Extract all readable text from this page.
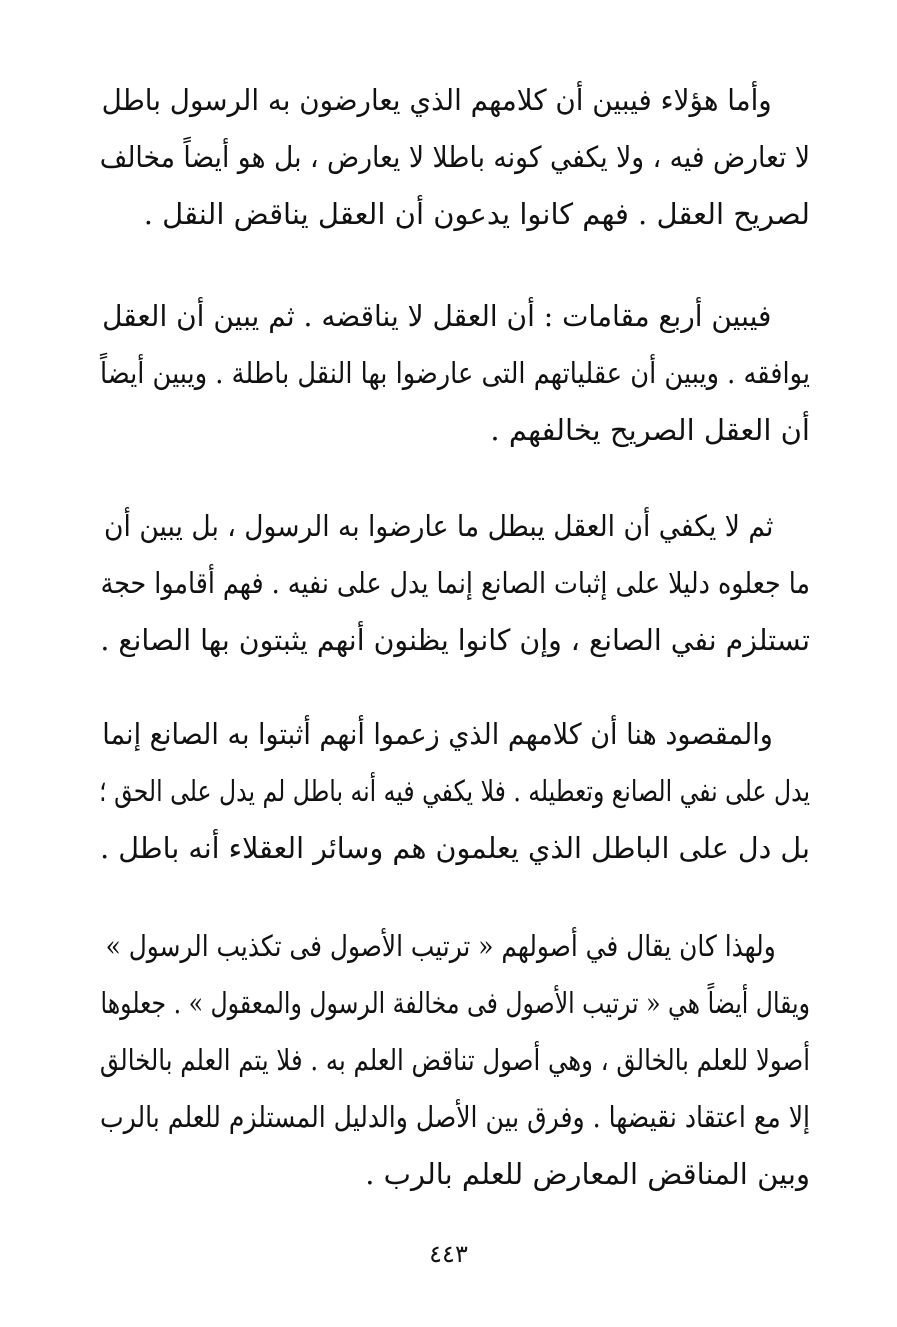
وأما هؤلاء فيبين أن كلامهم الذي يعارضون به الرسول باطل
لا تعارض فيه ، ولا يكفي كونه باطلا لا يعارض ، بل هو أيضاً مخالف
لصريح العقل . فهم كانوا يدعون أن العقل يناقض النقل .
فيبين أربع مقامات : أن العقل لا يناقضه . ثم يبين أن العقل
يوافقه . ويبين أن عقلياتهم التى عارضوا بها النقل باطلة . ويبين أيضاً
أن العقل الصريح يخالفهم .
ثم لا يكفي أن العقل يبطل ما عارضوا به الرسول ، بل يبين أن
ما جعلوه دليلا على إثبات الصانع إنما يدل على نفيه . فهم أقاموا حجة
تستلزم نفي الصانع ، وإن كانوا يظنون أنهم يثبتون بها الصانع .
والمقصود هنا أن كلامهم الذي زعموا أنهم أثبتوا به الصانع إنما
يدل على نفي الصانع وتعطيله . فلا يكفي فيه أنه باطل لم يدل على الحق ؛
بل دل على الباطل الذي يعلمون هم وسائر العقلاء أنه باطل .
ولهذا كان يقال في أصولهم « ترتيب الأصول فى تكذيب الرسول »
ويقال أيضاً هي « ترتيب الأصول فى مخالفة الرسول والمعقول » . جعلوها
أصولا للعلم بالخالق ، وهي أصول تناقض العلم به . فلا يتم العلم بالخالق
إلا مع اعتقاد نقيضها . وفرق بين الأصل والدليل المستلزم للعلم بالرب
وبين المناقض المعارض للعلم بالرب .
٤٤٣
